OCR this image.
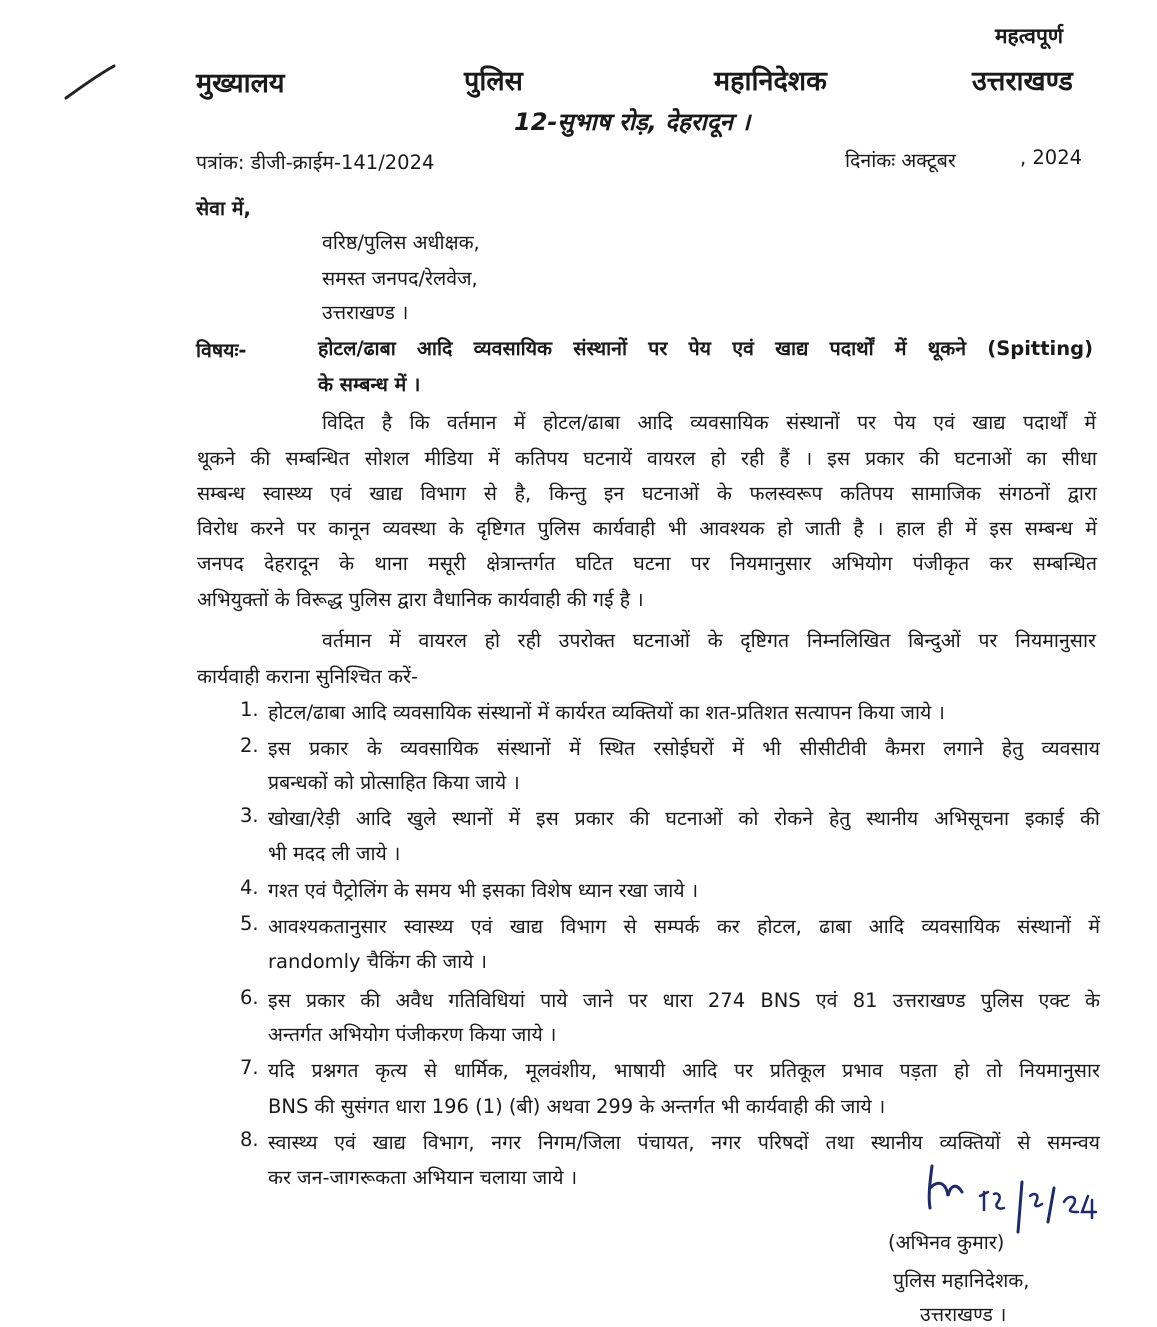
महत्वपूर्ण
मुख्यालय	पुलिस	महानिदेशक	उत्तराखण्ड
12-सुभाष रोड़, देहरादून ।
पत्रांक: डीजी-क्राईम-141/2024	दिनांकः अक्टूबर	, 2024
सेवा में,
वरिष्ठ/पुलिस अधीक्षक,
समस्त जनपद/रेलवेज,
उत्तराखण्ड ।
विषयः-	होटल/ढाबा आदि व्यवसायिक संस्थानों पर पेय एवं खाद्य पदार्थों में थूकने (Spitting)
के सम्बन्ध में ।
विदित है कि वर्तमान में होटल/ढाबा आदि व्यवसायिक संस्थानों पर पेय एवं खाद्य पदार्थों में
थूकने की सम्बन्धित सोशल मीडिया में कतिपय घटनायें वायरल हो रही हैं । इस प्रकार की घटनाओं का सीधा
सम्बन्ध स्वास्थ्य एवं खाद्य विभाग से है, किन्तु इन घटनाओं के फलस्वरूप कतिपय सामाजिक संगठनों द्वारा
विरोध करने पर कानून व्यवस्था के दृष्टिगत पुलिस कार्यवाही भी आवश्यक हो जाती है । हाल ही में इस सम्बन्ध में
जनपद देहरादून के थाना मसूरी क्षेत्रान्तर्गत घटित घटना पर नियमानुसार अभियोग पंजीकृत कर सम्बन्धित
अभियुक्तों के विरूद्ध पुलिस द्वारा वैधानिक कार्यवाही की गई है ।
वर्तमान में वायरल हो रही उपरोक्त घटनाओं के दृष्टिगत निम्नलिखित बिन्दुओं पर नियमानुसार
कार्यवाही कराना सुनिश्चित करें-
1. होटल/ढाबा आदि व्यवसायिक संस्थानों में कार्यरत व्यक्तियों का शत-प्रतिशत सत्यापन किया जाये ।
2. इस प्रकार के व्यवसायिक संस्थानों में स्थित रसोईघरों में भी सीसीटीवी कैमरा लगाने हेतु व्यवसाय
प्रबन्धकों को प्रोत्साहित किया जाये ।
3. खोखा/रेड़ी आदि खुले स्थानों में इस प्रकार की घटनाओं को रोकने हेतु स्थानीय अभिसूचना इकाई की
भी मदद ली जाये ।
4. गश्त एवं पैट्रोलिंग के समय भी इसका विशेष ध्यान रखा जाये ।
5. आवश्यकतानुसार स्वास्थ्य एवं खाद्य विभाग से सम्पर्क कर होटल, ढाबा आदि व्यवसायिक संस्थानों में
randomly चैकिंग की जाये ।
6. इस प्रकार की अवैध गतिविधियां पाये जाने पर धारा 274 BNS एवं 81 उत्तराखण्ड पुलिस एक्ट के
अन्तर्गत अभियोग पंजीकरण किया जाये ।
7. यदि प्रश्नगत कृत्य से धार्मिक, मूलवंशीय, भाषायी आदि पर प्रतिकूल प्रभाव पड़ता हो तो नियमानुसार
BNS की सुसंगत धारा 196 (1) (बी) अथवा 299 के अन्तर्गत भी कार्यवाही की जाये ।
8. स्वास्थ्य एवं खाद्य विभाग, नगर निगम/जिला पंचायत, नगर परिषदों तथा स्थानीय व्यक्तियों से समन्वय
कर जन-जागरूकता अभियान चलाया जाये ।
(अभिनव कुमार)
पुलिस महानिदेशक,
उत्तराखण्ड ।
